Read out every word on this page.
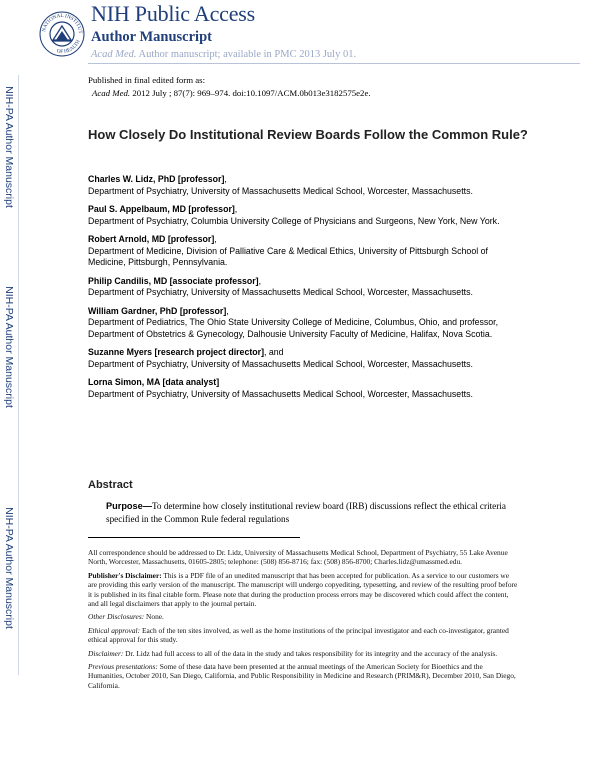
NATIONAL INSTITUT
OF HEALTH
NIH Public Access
Author Manuscript
Acad Med. Author manuscript; available in PMC 2013 July 01.
Published in final edited form as:
Acad Med. 2012 July ; 87(7): 969–974. doi:10.1097/ACM.0b013e3182575e2e.
NIH-PA Author Manuscript
NIH-PA Author Manuscript
NIH-PA Author Manuscript
How Closely Do Institutional Review Boards Follow the Common Rule?
Charles W. Lidz, PhD [professor],
Department of Psychiatry, University of Massachusetts Medical School, Worcester, Massachusetts.
Paul S. Appelbaum, MD [professor],
Department of Psychiatry, Columbia University College of Physicians and Surgeons, New York, New York.
Robert Arnold, MD [professor],
Department of Medicine, Division of Palliative Care & Medical Ethics, University of Pittsburgh School of Medicine, Pittsburgh, Pennsylvania.
Philip Candilis, MD [associate professor],
Department of Psychiatry, University of Massachusetts Medical School, Worcester, Massachusetts.
William Gardner, PhD [professor],
Department of Pediatrics, The Ohio State University College of Medicine, Columbus, Ohio, and professor, Department of Obstetrics & Gynecology, Dalhousie University Faculty of Medicine, Halifax, Nova Scotia.
Suzanne Myers [research project director], and
Department of Psychiatry, University of Massachusetts Medical School, Worcester, Massachusetts.
Lorna Simon, MA [data analyst]
Department of Psychiatry, University of Massachusetts Medical School, Worcester, Massachusetts.
Abstract
Purpose—To determine how closely institutional review board (IRB) discussions reflect the ethical criteria specified in the Common Rule federal regulations
All correspondence should be addressed to Dr. Lidz, University of Massachusetts Medical School, Department of Psychiatry, 55 Lake Avenue North, Worcester, Massachusetts, 01605-2805; telephone: (508) 856-8716; fax: (508) 856-8700; Charles.lidz@umassmed.edu.
Publisher's Disclaimer: This is a PDF file of an unedited manuscript that has been accepted for publication. As a service to our customers we are providing this early version of the manuscript. The manuscript will undergo copyediting, typesetting, and review of the resulting proof before it is published in its final citable form. Please note that during the production process errors may be discovered which could affect the content, and all legal disclaimers that apply to the journal pertain.
Other Disclosures: None.
Ethical approval: Each of the ten sites involved, as well as the home institutions of the principal investigator and each co-investigator, granted ethical approval for this study.
Disclaimer: Dr. Lidz had full access to all of the data in the study and takes responsibility for its integrity and the accuracy of the analysis.
Previous presentations: Some of these data have been presented at the annual meetings of the American Society for Bioethics and the Humanities, October 2010, San Diego, California, and Public Responsibility in Medicine and Research (PRIM&R), December 2010, San Diego, California.
